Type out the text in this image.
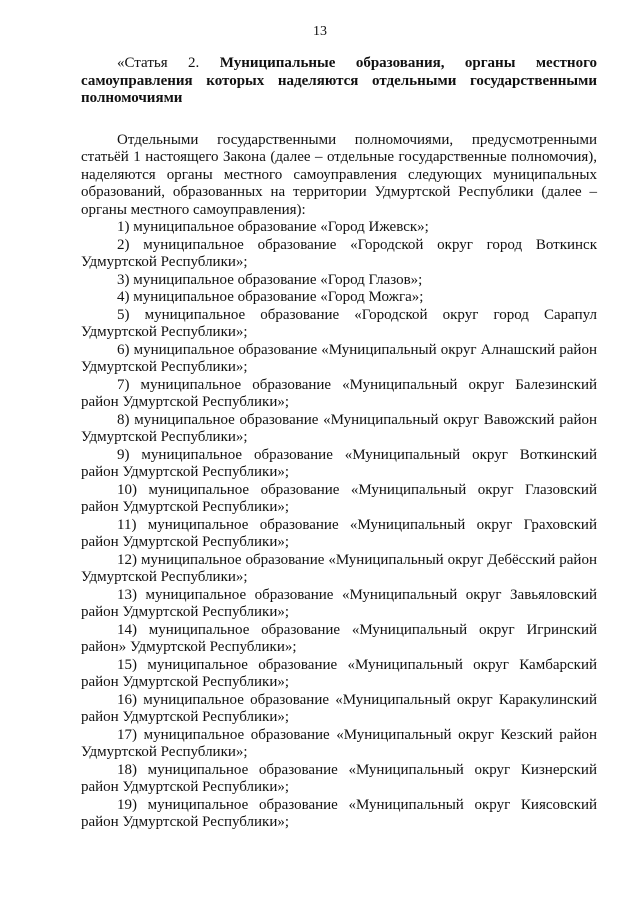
13

«Статья 2. Муниципальные образования, органы местного самоуправления которых наделяются отдельными государственными полномочиями

Отдельными государственными полномочиями, предусмотренными статьёй 1 настоящего Закона (далее – отдельные государственные полномочия), наделяются органы местного самоуправления следующих муниципальных образований, образованных на территории Удмуртской Республики (далее – органы местного самоуправления):

1) муниципальное образование «Город Ижевск»;
2) муниципальное образование «Городской округ город Воткинск Удмуртской Республики»;
3) муниципальное образование «Город Глазов»;
4) муниципальное образование «Город Можга»;
5) муниципальное образование «Городской округ город Сарапул Удмуртской Республики»;
6) муниципальное образование «Муниципальный округ Алнашский район Удмуртской Республики»;
7) муниципальное образование «Муниципальный округ Балезинский район Удмуртской Республики»;
8) муниципальное образование «Муниципальный округ Вавожский район Удмуртской Республики»;
9) муниципальное образование «Муниципальный округ Воткинский район Удмуртской Республики»;
10) муниципальное образование «Муниципальный округ Глазовский район Удмуртской Республики»;
11) муниципальное образование «Муниципальный округ Граховский район Удмуртской Республики»;
12) муниципальное образование «Муниципальный округ Дебёсский район Удмуртской Республики»;
13) муниципальное образование «Муниципальный округ Завьяловский район Удмуртской Республики»;
14) муниципальное образование «Муниципальный округ Игринский район» Удмуртской Республики»;
15) муниципальное образование «Муниципальный округ Камбарский район Удмуртской Республики»;
16) муниципальное образование «Муниципальный округ Каракулинский район Удмуртской Республики»;
17) муниципальное образование «Муниципальный округ Кезский район Удмуртской Республики»;
18) муниципальное образование «Муниципальный округ Кизнерский район Удмуртской Республики»;
19) муниципальное образование «Муниципальный округ Киясовский район Удмуртской Республики»;
